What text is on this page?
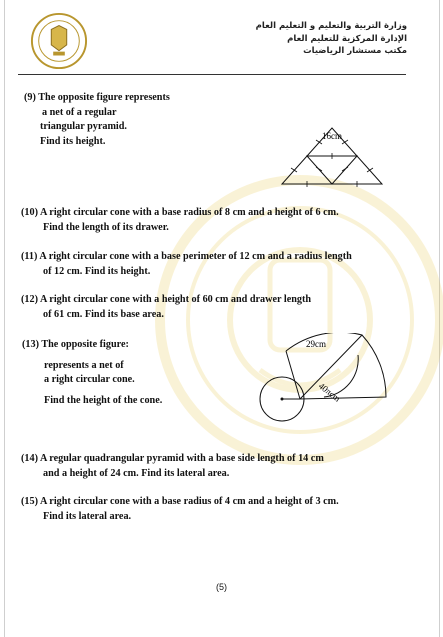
وزارة التربية والتعليم و التعليم العام
الإدارة المركزية للتعليم العام
مكتب مستشار الرياضيات
(9) The opposite figure represents
a net of a regular
triangular pyramid.
Find its height.	16cm
(10) A right circular cone with a base radius of 8 cm and a height of 6 cm.
Find the length of its drawer.
(11) A right circular cone with a base perimeter of 12 cm and a radius length
of 12 cm. Find its height.
(12) A right circular cone with a height of 60 cm and drawer length
of 61 cm. Find its base area.
(13) The opposite figure:
represents a net of
a right circular cone.
Find the height of the cone.
29cm
40πcm
(14) A regular quadrangular pyramid with a base side length of 14 cm
and a height of 24 cm. Find its lateral area.
(15) A right circular cone with a base radius of 4 cm and a height of 3 cm.
Find its lateral area.
(5)
